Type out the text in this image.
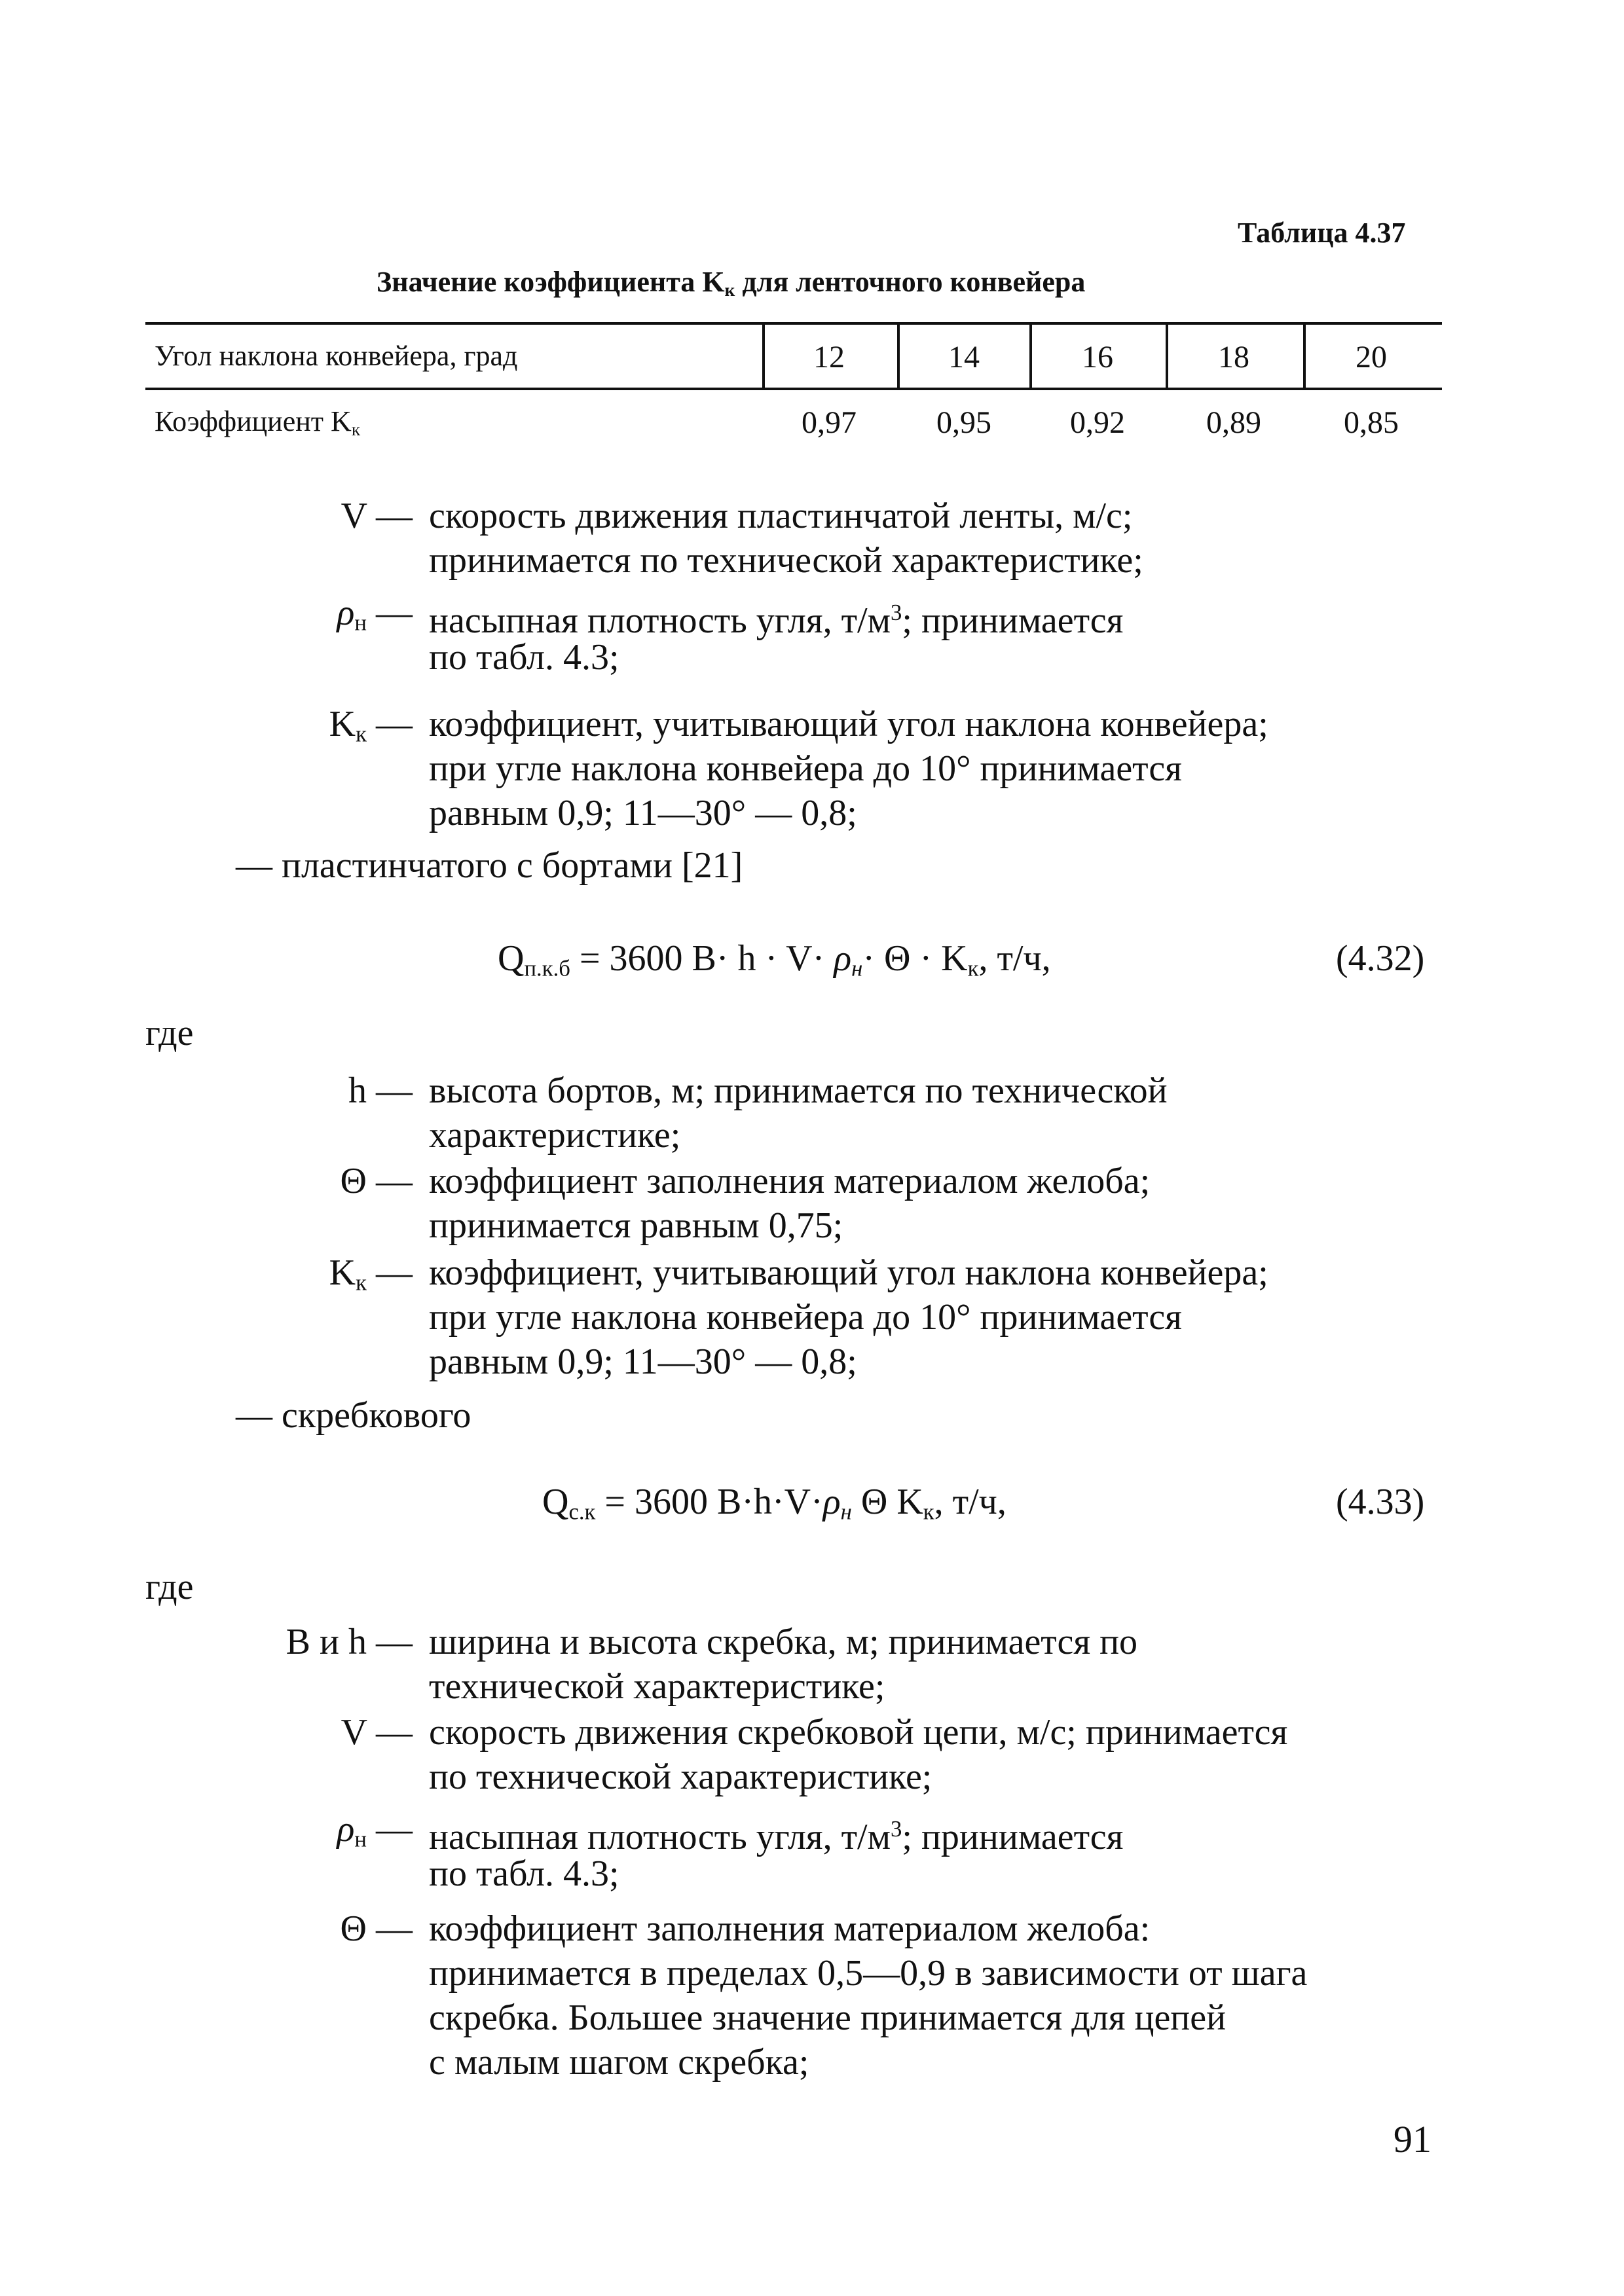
Таблица 4.37
Значение коэффициента $K_к$ для ленточного конвейера
Угол наклона конвейера, град	12	14	16	18	20
Коэффициент $K_к$	0,97	0,95	0,92	0,89	0,85
V — скорость движения пластинчатой ленты, м/с;
принимается по технической характеристике;
$\rho_н$ — насыпная плотность угля, $т/м^3$; принимается
по табл. 4.3;
$K_к$ — коэффициент, учитывающий угол наклона конвейера;
при угле наклона конвейера до 10° принимается
равным 0,9; 11—30° — 0,8;
— пластинчатого с бортами [21]
$Q_{п.к.б} = 3600$ $B\cdot h \cdot V\cdot \rho_н\cdot \Theta \cdot K_к$, т/ч,	(4.32)
где
h — высота бортов, м; принимается по технической
характеристике;
Θ — коэффициент заполнения материалом желоба;
принимается равным 0,75;
$K_к$ — коэффициент, учитывающий угол наклона конвейера;
при угле наклона конвейера до 10° принимается
равным 0,9; 11—30° — 0,8;
— скребкового
$Q_{с.к} = 3600$ $B\cdot h\cdot V\cdot\rho_н$ Θ $K_к$, т/ч,	(4.33)
где
B и h — ширина и высота скребка, м; принимается по
технической характеристике;
V — скорость движения скребковой цепи, м/с; принимается
по технической характеристике;
$\rho_н$ — насыпная плотность угля, $т/м^3$; принимается
по табл. 4.3;
Θ — коэффициент заполнения материалом желоба:
принимается в пределах 0,5—0,9 в зависимости от шага
скребка. Большее значение принимается для цепей
с малым шагом скребка;
91
